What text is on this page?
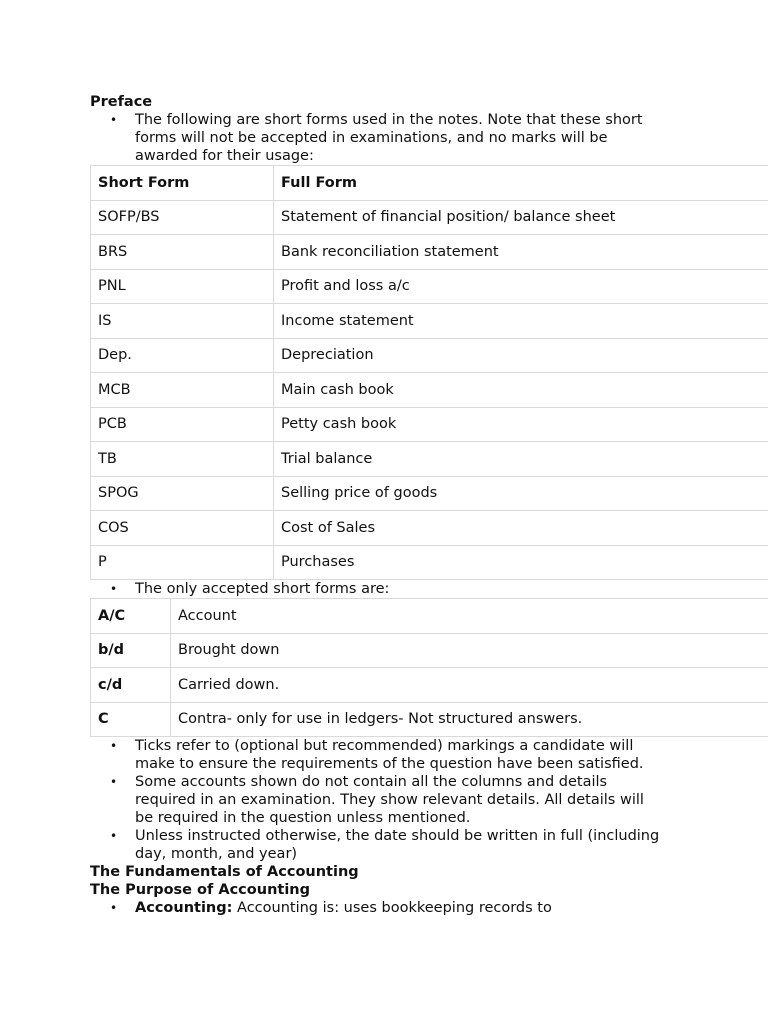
Preface
• The following are short forms used in the notes. Note that these short forms will not be accepted in examinations, and no marks will be awarded for their usage:
Short Form	Full Form
SOFP/BS	Statement of financial position/ balance sheet
BRS	Bank reconciliation statement
PNL	Profit and loss a/c
IS	Income statement
Dep.	Depreciation
MCB	Main cash book
PCB	Petty cash book
TB	Trial balance
SPOG	Selling price of goods
COS	Cost of Sales
P	Purchases
• The only accepted short forms are:
A/C	Account
b/d	Brought down
c/d	Carried down.
C	Contra- only for use in ledgers- Not structured answers.
• Ticks refer to (optional but recommended) markings a candidate will make to ensure the requirements of the question have been satisfied.
• Some accounts shown do not contain all the columns and details required in an examination. They show relevant details. All details will be required in the question unless mentioned.
• Unless instructed otherwise, the date should be written in full (including day, month, and year)
The Fundamentals of Accounting
The Purpose of Accounting
• Accounting: Accounting is: uses bookkeeping records to
